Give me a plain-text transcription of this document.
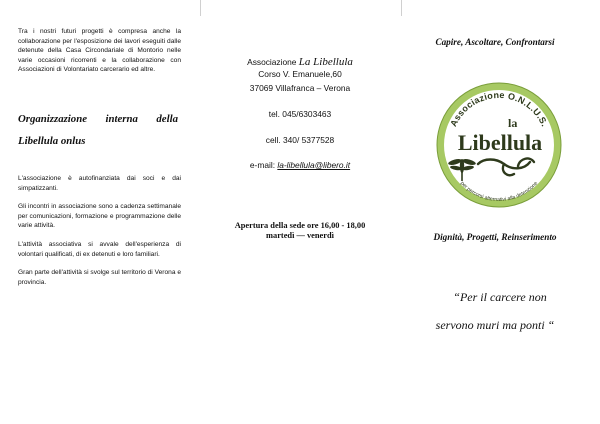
Tra i nostri futuri progetti è compresa anche la collaborazione per l'esposizione dei lavori eseguiti dalle detenute della Casa Circondariale di Montorio nelle varie occasioni ricorrenti e la collaborazione con Associazioni di Volontariato carcerario ed altre.

Organizzazione interna della
Libellula onlus

L'associazione è autofinanziata dai soci e dai simpatizzanti.

Gli incontri in associazione sono a cadenza settimanale per comunicazioni, formazione e programmazione delle varie attività.

L'attività associativa si avvale dell'esperienza di volontari qualificati, di ex detenuti e loro familiari.

Gran parte dell'attività si svolge sul territorio di Verona e provincia.

Associazione La Libellula
Corso V. Emanuele,60
37069 Villafranca – Verona
tel. 045/6303463
cell. 340/ 5377528
e-mail: la-libellula@libero.it
Apertura della sede ore 16,00 - 18,00
martedì — venerdì
Capire, Ascoltare, Confrontarsi
Associazione O.N.L.U.S.
per percorsi alternativi alla detenzione
la
Libellula
Dignità, Progetti, Reinserimento
“Per il carcere non
servono muri ma ponti “
